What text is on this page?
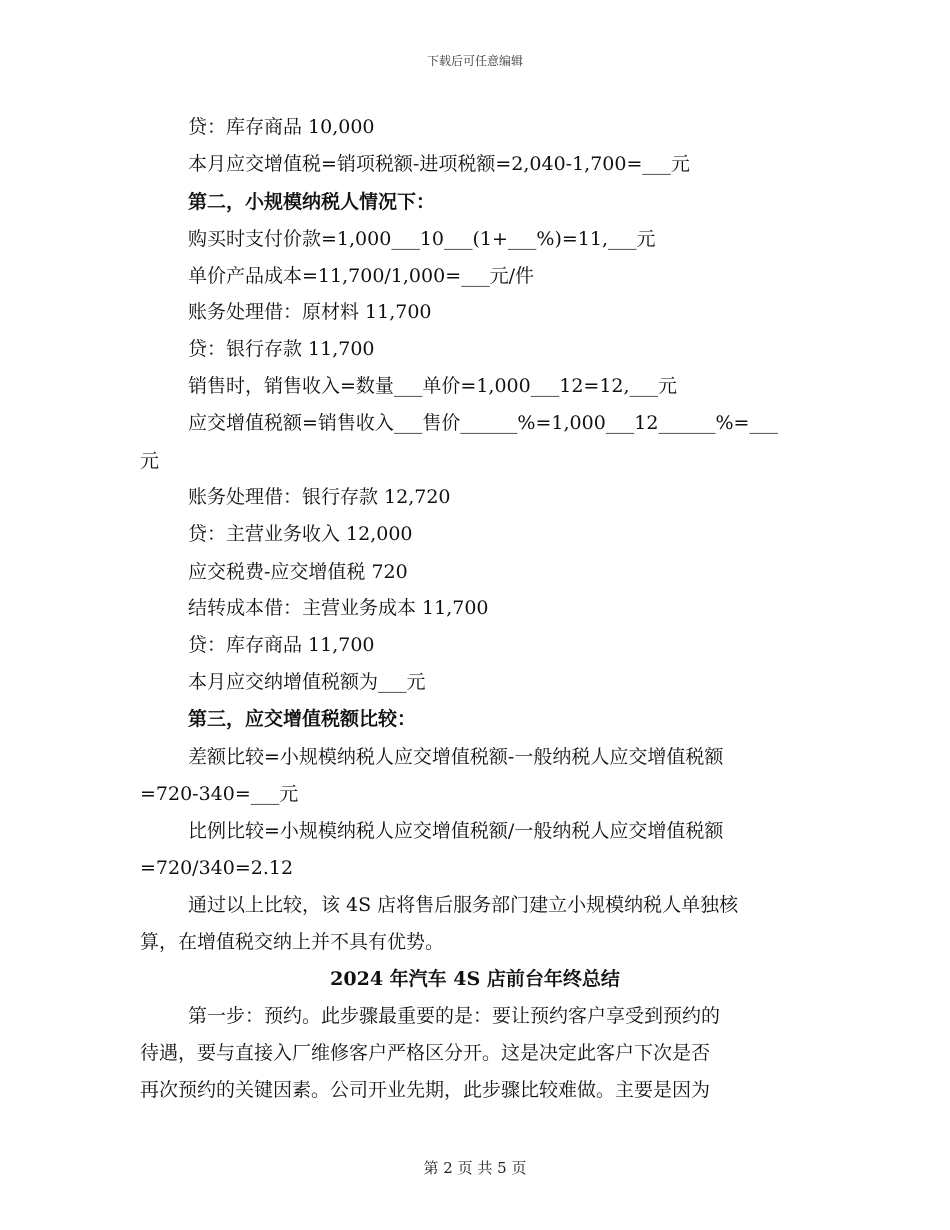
下载后可任意编辑
贷：库存商品 10,000
本月应交增值税=销项税额-进项税额=2,040-1,700=___元
第二，小规模纳税人情况下：
购买时支付价款=1,000___10___(1+___%)=11,___元
单价产品成本=11,700/1,000=___元/件
账务处理借：原材料 11,700
贷：银行存款 11,700
销售时，销售收入=数量___单价=1,000___12=12,___元
应交增值税额=销售收入___售价______%=1,000___12______%=___
元
账务处理借：银行存款 12,720
贷：主营业务收入 12,000
应交税费-应交增值税 720
结转成本借：主营业务成本 11,700
贷：库存商品 11,700
本月应交纳增值税额为___元
第三，应交增值税额比较：
差额比较=小规模纳税人应交增值税额-一般纳税人应交增值税额
=720-340=___元
比例比较=小规模纳税人应交增值税额/一般纳税人应交增值税额
=720/340=2.12
通过以上比较，该 4S 店将售后服务部门建立小规模纳税人单独核
算，在增值税交纳上并不具有优势。
2024 年汽车 4S 店前台年终总结
第一步：预约。此步骤最重要的是：要让预约客户享受到预约的
待遇，要与直接入厂维修客户严格区分开。这是决定此客户下次是否
再次预约的关键因素。公司开业先期，此步骤比较难做。主要是因为
第 2 页 共 5 页
